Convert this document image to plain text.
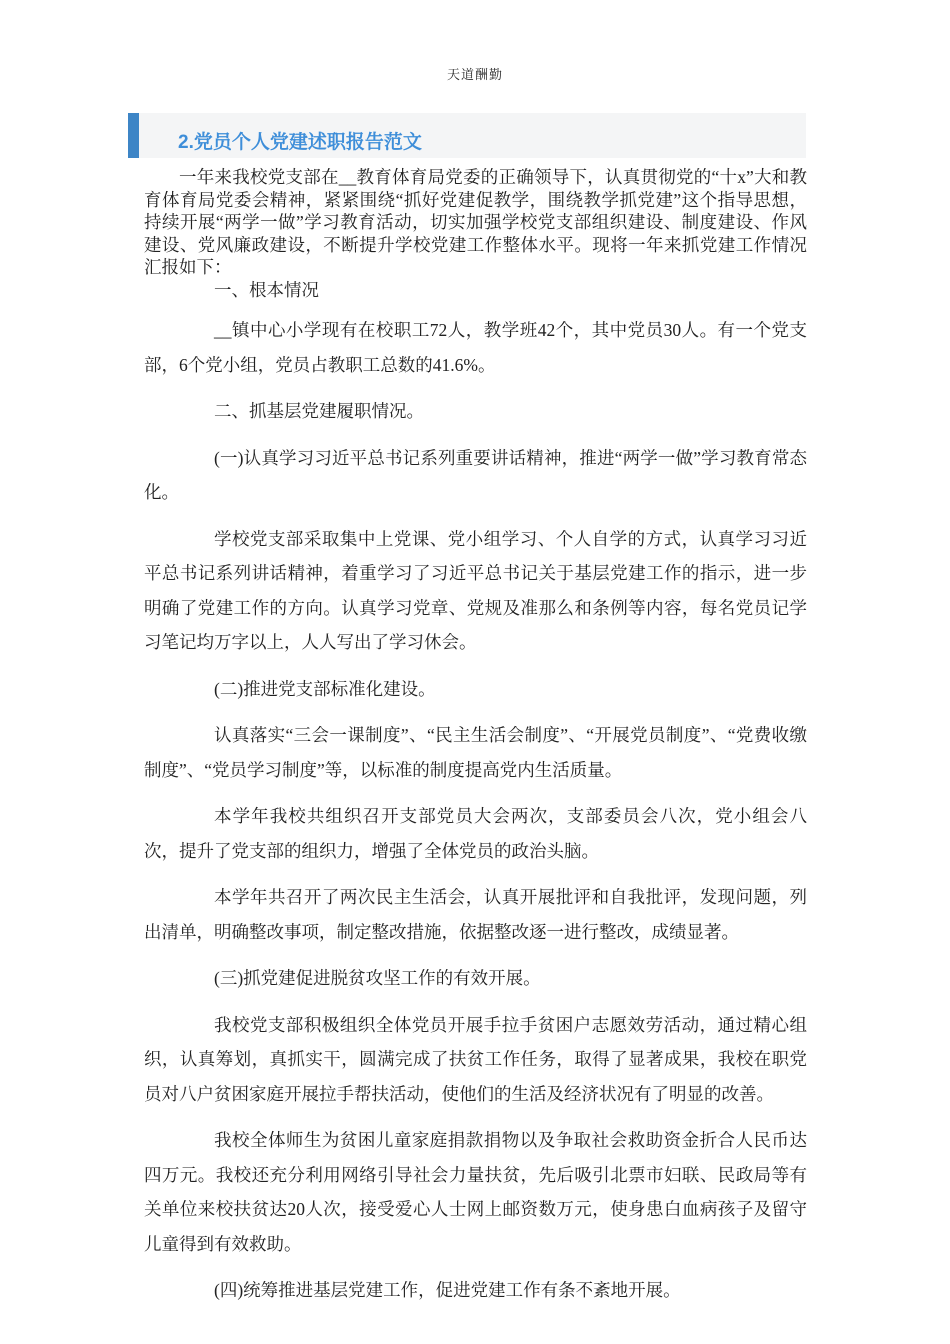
天道酬勤
2.党员个人党建述职报告范文

一年来我校党支部在__教育体育局党委的正确领导下，认真贯彻党的“十x”大和教育体育局党委会精神，紧紧围绕“抓好党建促教学，围绕教学抓党建”这个指导思想，持续开展“两学一做”学习教育活动，切实加强学校党支部组织建设、制度建设、作风建设、党风廉政建设，不断提升学校党建工作整体水平。现将一年来抓党建工作情况汇报如下：

一、根本情况

__镇中心小学现有在校职工72人，教学班42个，其中党员30人。有一个党支部，6个党小组，党员占教职工总数的41.6%。

二、抓基层党建履职情况。

(一)认真学习习近平总书记系列重要讲话精神，推进“两学一做”学习教育常态化。

学校党支部采取集中上党课、党小组学习、个人自学的方式，认真学习习近平总书记系列讲话精神，着重学习了习近平总书记关于基层党建工作的指示，进一步明确了党建工作的方向。认真学习党章、党规及准那么和条例等内容，每名党员记学习笔记均万字以上，人人写出了学习休会。

(二)推进党支部标准化建设。

认真落实“三会一课制度”、“民主生活会制度”、“开展党员制度”、“党费收缴制度”、“党员学习制度”等，以标准的制度提高党内生活质量。

本学年我校共组织召开支部党员大会两次，支部委员会八次，党小组会八次，提升了党支部的组织力，增强了全体党员的政治头脑。

本学年共召开了两次民主生活会，认真开展批评和自我批评，发现问题，列出清单，明确整改事项，制定整改措施，依据整改逐一进行整改，成绩显著。

(三)抓党建促进脱贫攻坚工作的有效开展。

我校党支部积极组织全体党员开展手拉手贫困户志愿效劳活动，通过精心组织，认真筹划，真抓实干，圆满完成了扶贫工作任务，取得了显著成果，我校在职党员对八户贫困家庭开展拉手帮扶活动，使他们的生活及经济状况有了明显的改善。

我校全体师生为贫困儿童家庭捐款捐物以及争取社会救助资金折合人民币达四万元。我校还充分利用网络引导社会力量扶贫，先后吸引北票市妇联、民政局等有关单位来校扶贫达20人次，接受爱心人士网上邮资数万元，使身患白血病孩子及留守儿童得到有效救助。

(四)统筹推进基层党建工作，促进党建工作有条不紊地开展。
